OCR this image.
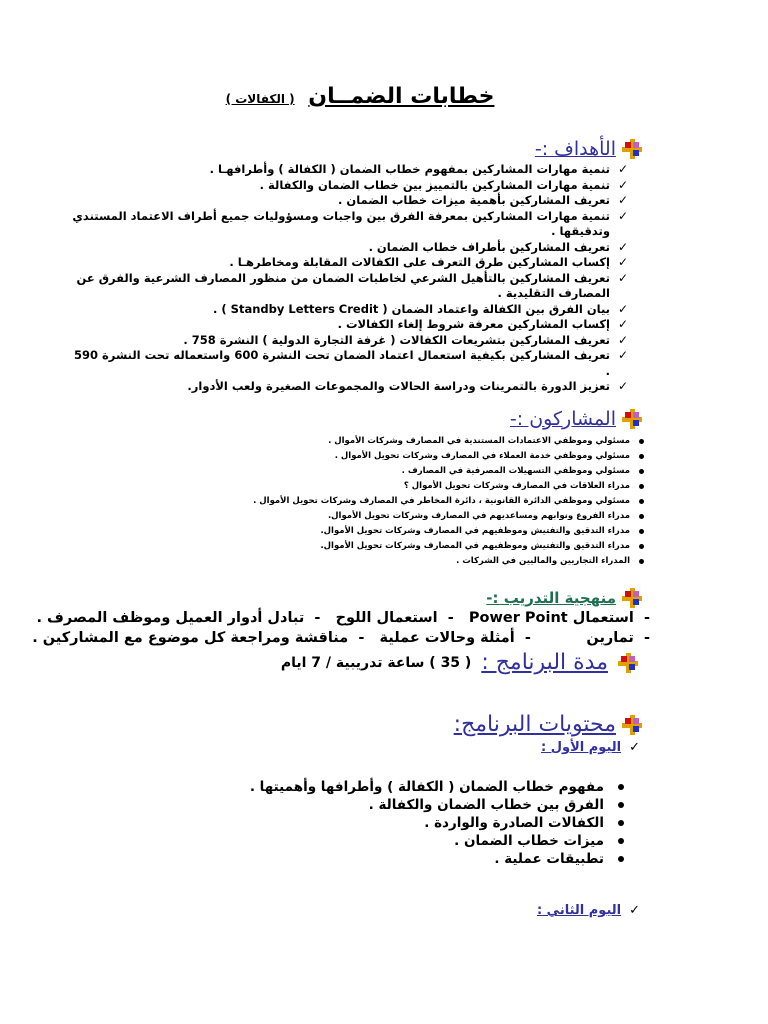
خطابات الضمــان ( الكفالات )
الأهداف :-
✓
تنمية مهارات المشاركين بمفهوم خطاب الضمان ( الكفالة ) وأطرافهـا .
✓
تنمية مهارات المشاركين بالتمييز بين خطاب الضمان والكفالة .
✓
تعريف المشاركين بأهمية ميزات خطاب الضمان .
✓
تنمية مهارات المشاركين بمعرفة الفرق بين واجبات ومسؤوليات جميع أطراف الاعتماد المستندي وتدقيقها .
✓
تعريف المشاركين بأطراف خطاب الضمان .
✓
إكساب المشاركين طرق التعرف على الكفالات المقابلة ومخاطرهـا .
✓
تعريف المشاركين بالتأهيل الشرعي لخاطبات الضمان من منظور المصارف الشرعية والفرق عن المصارف التقليدية .
✓
بيان الفرق بين الكفالة واعتماد الضمان ( Standby Letters Credit ) .
✓
إكساب المشاركين معرفة شروط إلغاء الكفالات .
✓
تعريف المشاركين بتشريعات الكفالات ( غرفة التجارة الدولية ) النشرة 758 .
✓
تعريف المشاركين بكيفية استعمال اعتماد الضمان تحت النشرة 600 واستعماله تحت النشرة 590 .
✓
تعزيز الدورة بالتمرينات ودراسة الحالات والمجموعات الصغيرة ولعب الأدوار.
المشاركون :-
مسئولي وموظفي الاعتمادات المستندية في المصارف وشركات الأموال .
مسئولي وموظفي خدمة العملاء في المصارف وشركات تحويل الأموال .
مسئولي وموظفي التسهيلات المصرفية في المصارف .
مدراء العلاقات في المصارف وشركات تحويل الأموال ؟
مسئولي وموظفي الدائرة القانونية ، دائرة المخاطر في المصارف وشركات تحويل الأموال .
مدراء الفروع ونوابهم ومساعديهم في المصارف وشركات تحويل الأموال.
مدراء التدقيق والتفتيش وموظفيهم في المصارف وشركات تحويل الأموال.
مدراء التدقيق والتفتيش وموظفيهم في المصارف وشركات تحويل الأموال.
المدراء التجاريين والماليين في الشركات .
منهجية التدريب :-
-  استعمال Power Point   -  استعمال اللوح   -  تبادل أدوار العميل وموظف المصرف .
-  تمارين           -  أمثلة وحالات عملية   -  مناقشة ومراجعة كل موضوع مع المشاركين .
مدة البرنامج :
( 35 ) ساعة تدريبية / 7 ايام
محتويات البرنامج:
✓
اليوم الأول :
مفهوم خطاب الضمان ( الكفالة ) وأطرافها وأهميتها .
الفرق بين خطاب الضمان والكفالة .
الكفالات الصادرة والواردة .
ميزات خطاب الضمان .
تطبيقات عملية .
✓
اليوم الثاني :
